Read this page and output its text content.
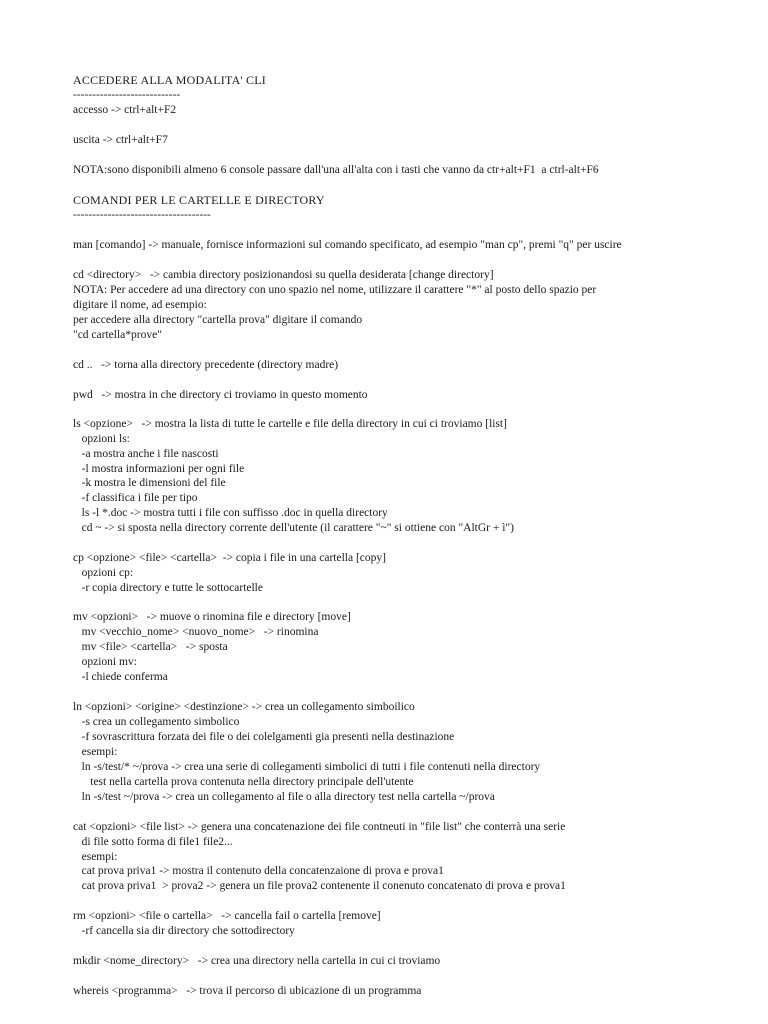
ACCEDERE ALLA MODALITA' CLI

----------------------------

accesso -> ctrl+alt+F2

uscita -> ctrl+alt+F7

NOTA:sono disponibili almeno 6 console passare dall'una all'alta con i tasti che vanno da ctr+alt+F1  a ctrl-alt+F6

COMANDI PER LE CARTELLE E DIRECTORY

------------------------------------

man [comando] -> manuale, fornisce informazioni sul comando specificato, ad esempio "man cp", premi "q" per uscire

cd <directory>   -> cambia directory posizionandosi su quella desiderata [change directory]

NOTA: Per accedere ad una directory con uno spazio nel nome, utilizzare il carattere "*" al posto dello spazio per

digitare il nome, ad esempio:

per accedere alla directory "cartella prova" digitare il comando

"cd cartella*prove"

cd ..   -> torna alla directory precedente (directory madre)

pwd   -> mostra in che directory ci troviamo in questo momento

ls <opzione>   -> mostra la lista di tutte le cartelle e file della directory in cui ci troviamo [list]

opzioni ls:

-a mostra anche i file nascosti

-l mostra informazioni per ogni file

-k mostra le dimensioni del file

-f classifica i file per tipo

ls -l *.doc -> mostra tutti i file con suffisso .doc in quella directory

cd ~ -> si sposta nella directory corrente dell'utente (il carattere "~" si ottiene con "AltGr + ì")

cp <opzione> <file> <cartella>  -> copia i file in una cartella [copy]

opzioni cp:

-r copia directory e tutte le sottocartelle

mv <opzioni>   -> muove o rinomina file e directory [move]

mv <vecchio_nome> <nuovo_nome>   -> rinomina

mv <file> <cartella>   -> sposta

opzioni mv:

-l chiede conferma

ln <opzioni> <origine> <destinzione> -> crea un collegamento simboilico

-s crea un collegamento simbolico

-f sovrascrittura forzata dei file o dei colelgamenti gia presenti nella destinazione

esempi:

ln -s/test/* ~/prova -> crea una serie di collegamenti simbolici di tutti i file contenuti nella directory

test nella cartella prova contenuta nella directory principale dell'utente

ln -s/test ~/prova -> crea un collegamento al file o alla directory test nella cartella ~/prova

cat <opzioni> <file list> -> genera una concatenazione dei file contneuti in "file list" che conterrà una serie

di file sotto forma di file1 file2...

esempi:

cat prova priva1 -> mostra il contenuto della concatenzaione di prova e prova1

cat prova priva1  > prova2 -> genera un file prova2 contenente il conenuto concatenato di prova e prova1

rm <opzioni> <file o cartella>   -> cancella fail o cartella [remove]

-rf cancella sia dir directory che sottodirectory

mkdir <nome_directory>   -> crea una directory nella cartella in cui ci troviamo

whereis <programma>   -> trova il percorso di ubicazione di un programma
